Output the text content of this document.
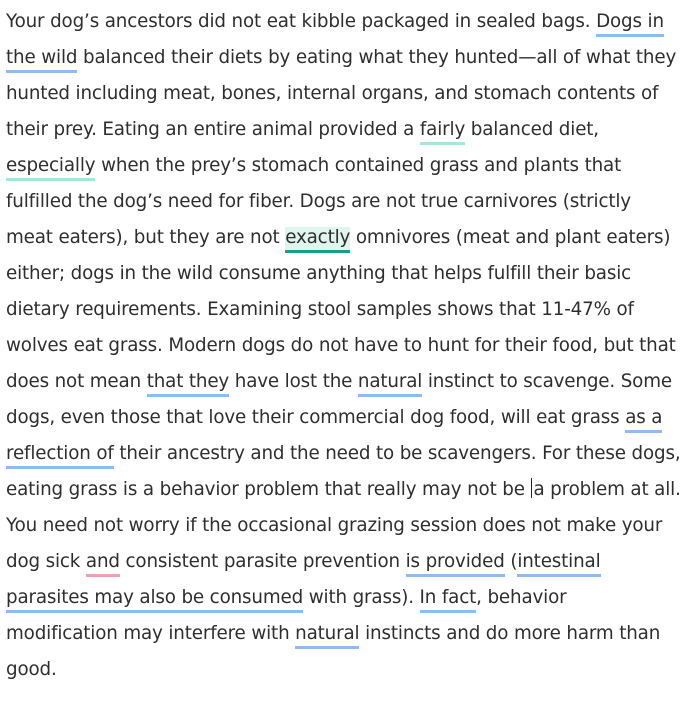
Your dog’s ancestors did not eat kibble packaged in sealed bags. Dogs in the wild balanced their diets by eating what they hunted—all of what they hunted including meat, bones, internal organs, and stomach contents of their prey. Eating an entire animal provided a fairly balanced diet, especially when the prey’s stomach contained grass and plants that fulfilled the dog’s need for fiber. Dogs are not true carnivores (strictly meat eaters), but they are not exactly omnivores (meat and plant eaters) either; dogs in the wild consume anything that helps fulfill their basic dietary requirements. Examining stool samples shows that 11-47% of wolves eat grass. Modern dogs do not have to hunt for their food, but that does not mean that they have lost the natural instinct to scavenge. Some dogs, even those that love their commercial dog food, will eat grass as a reflection of their ancestry and the need to be scavengers. For these dogs, eating grass is a behavior problem that really may not be a problem at all. You need not worry if the occasional grazing session does not make your dog sick and consistent parasite prevention is provided (intestinal parasites may also be consumed with grass). In fact, behavior modification may interfere with natural instincts and do more harm than good.
